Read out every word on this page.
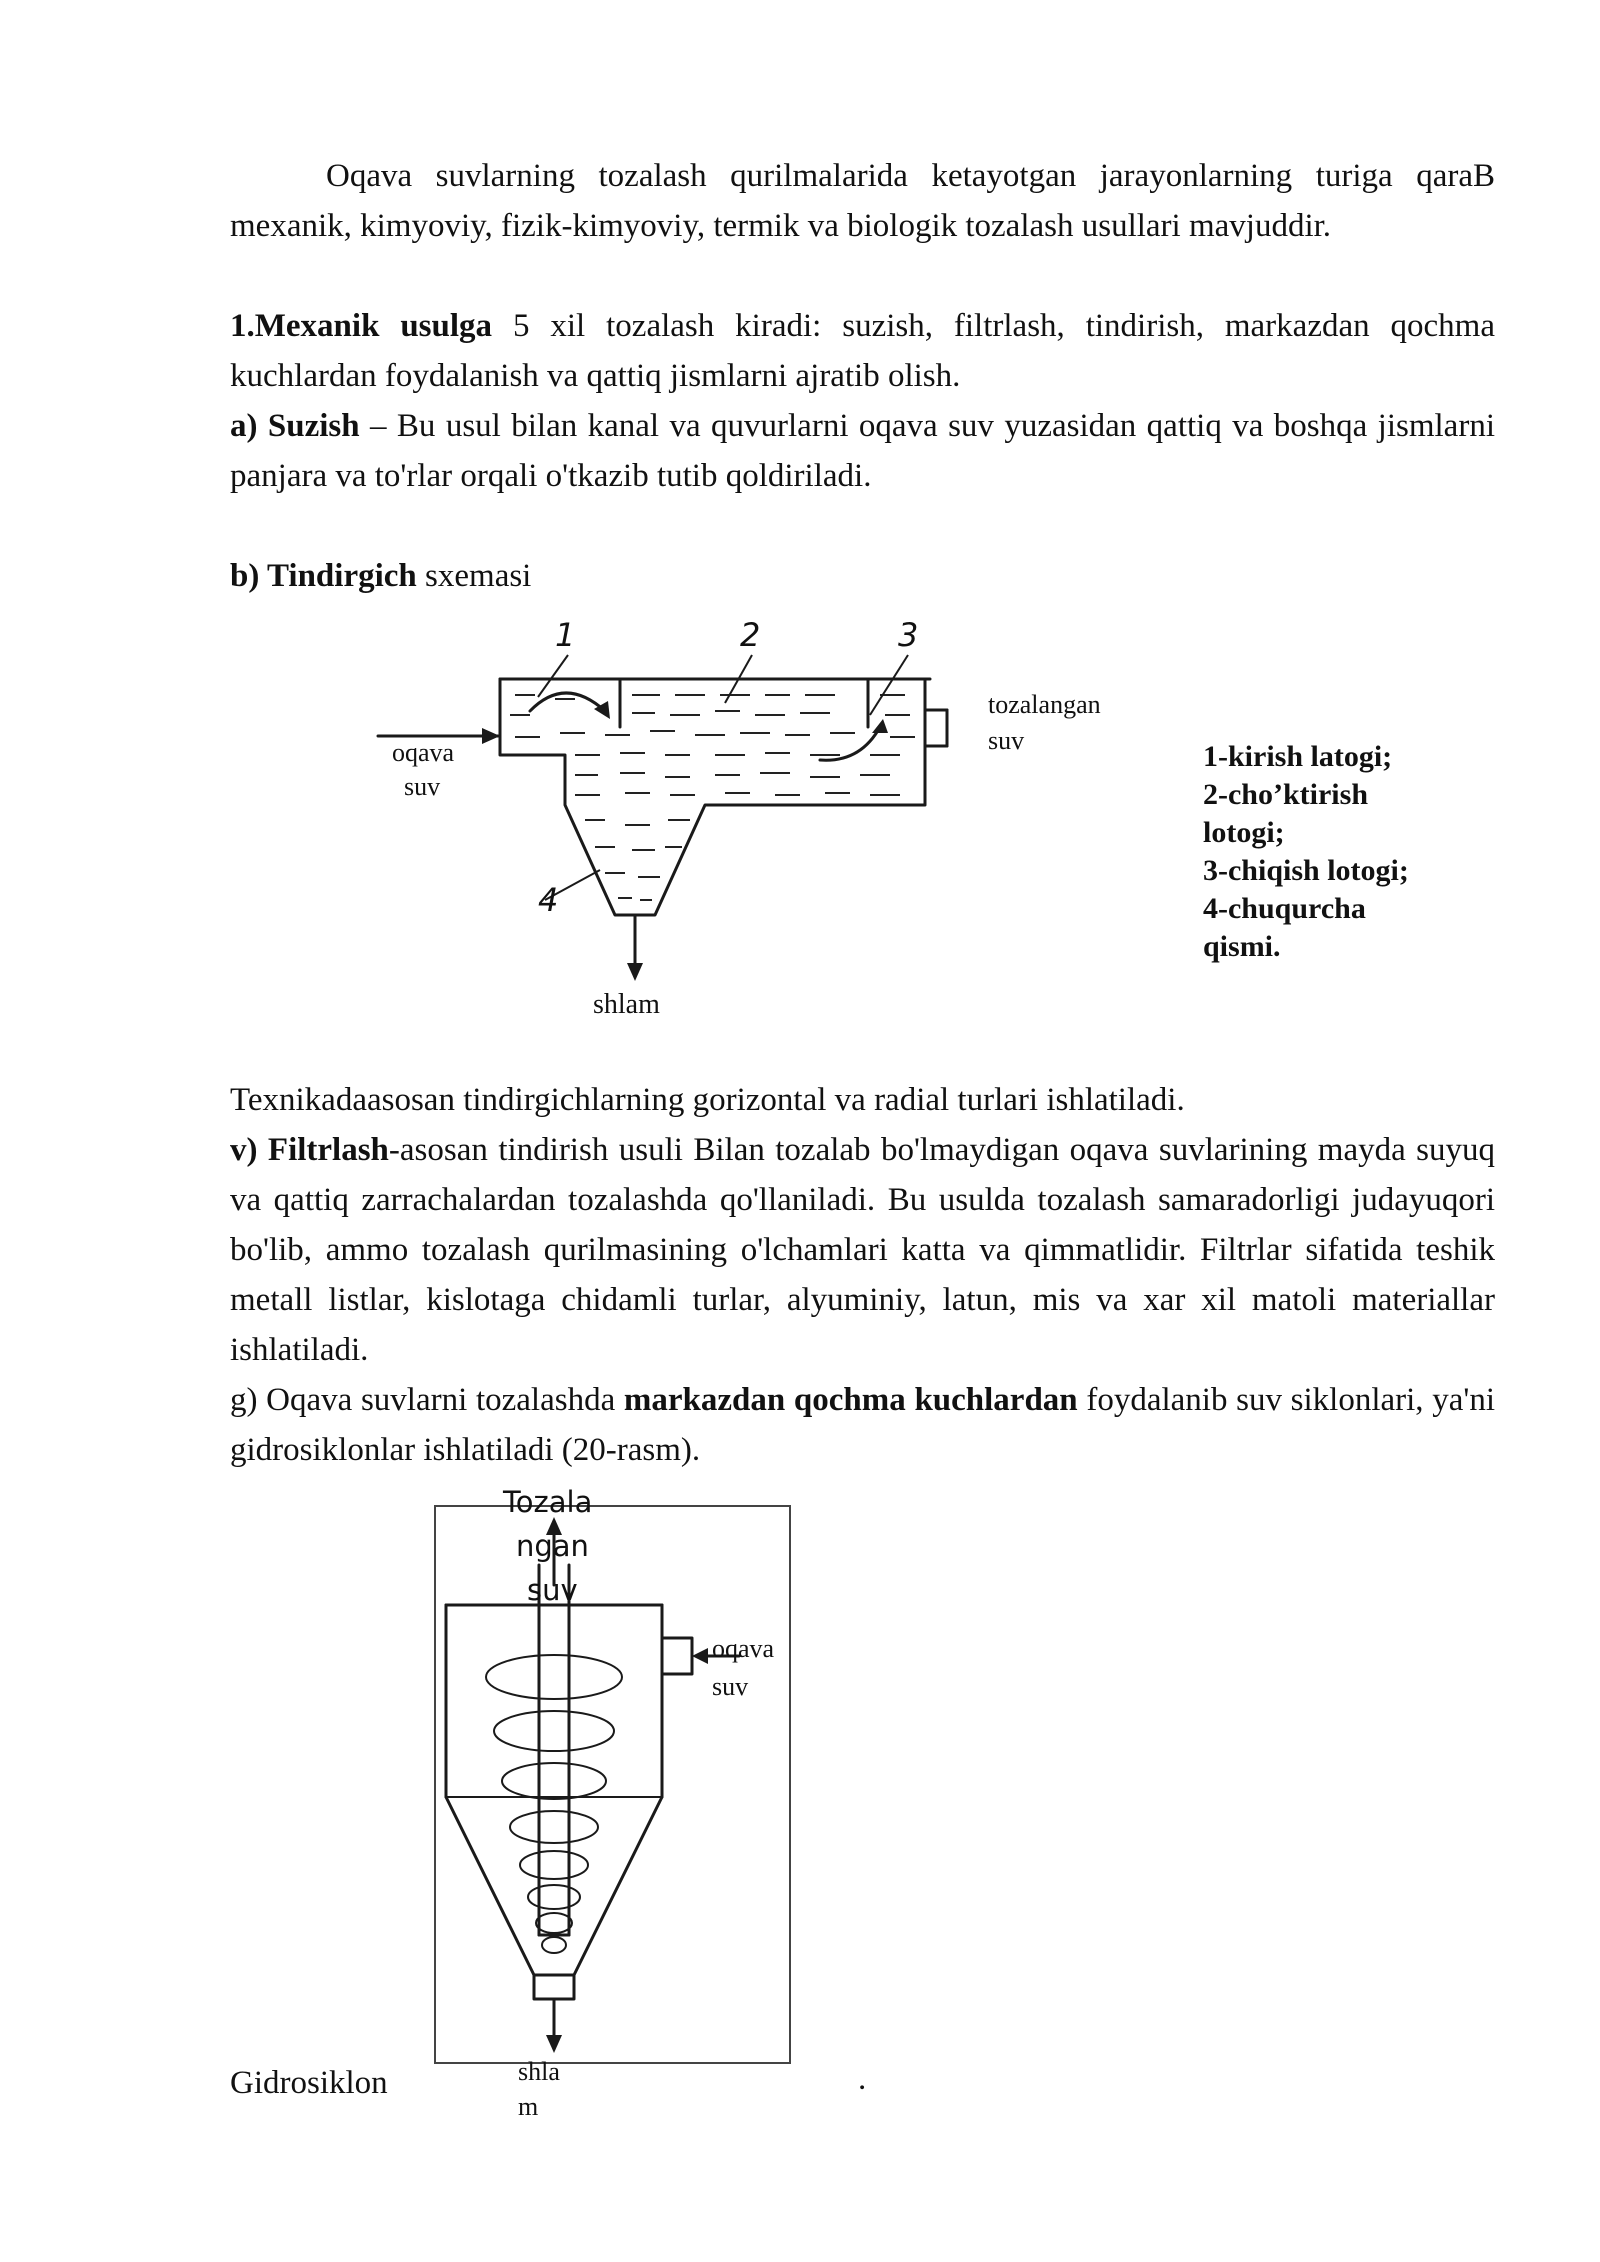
Oqava suvlarning tozalash qurilmalarida ketayotgan jarayonlarning turiga qaraB mexanik, kimyoviy, fizik-kimyoviy, termik va biologik tozalash usullari mavjuddir.
1.Mexanik usulga 5 xil tozalash kiradi: suzish, filtrlash, tindirish, markazdan qochma kuchlardan foydalanish va qattiq jismlarni ajratib olish.
a) Suzish – Bu usul bilan kanal va quvurlarni oqava suv yuzasidan qattiq va boshqa jismlarni panjara va to'rlar orqali o'tkazib tutib qoldiriladi.
b) Tindirgich sxemasi
1	2	3
4
oqava
suv
tozalangan
suv
shlam
1-kirish latogi;
2-cho’ktirish
lotogi;
3-chiqish lotogi;
4-chuqurcha
qismi.
Texnikadaasosan tindirgichlarning gorizontal va radial turlari ishlatiladi.
v) Filtrlash-asosan tindirish usuli Bilan tozalab bo'lmaydigan oqava suvlarining mayda suyuq va qattiq zarrachalardan tozalashda qo'llaniladi. Bu usulda tozalash samaradorligi judayuqori bo'lib, ammo tozalash qurilmasining o'lchamlari katta va qimmatlidir. Filtrlar sifatida teshik metall listlar, kislotaga chidamli turlar, alyuminiy, latun, mis va xar xil matoli materiallar ishlatiladi.
g) Oqava suvlarni tozalashda markazdan qochma kuchlardan foydalanib suv siklonlari, ya'ni gidrosiklonlar ishlatiladi (20-rasm).
Tozala
ngan
suv
oqava
suv
shla
m
Gidrosiklon	.
